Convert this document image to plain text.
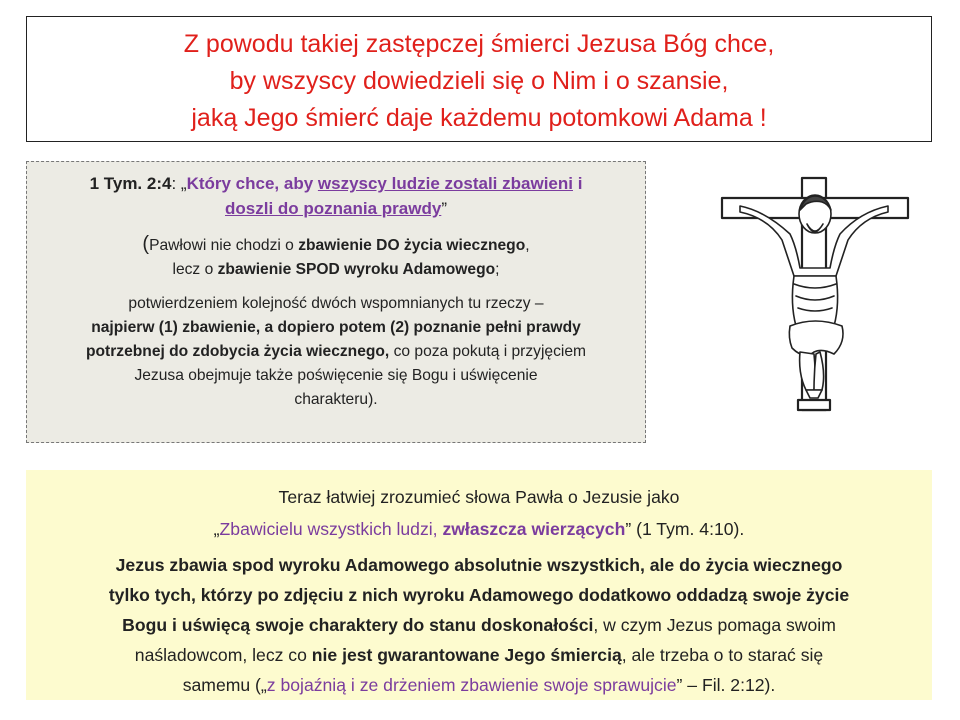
Z powodu takiej zastępczej śmierci Jezusa Bóg chce,
by wszyscy dowiedzieli się o Nim i o szansie,
jaką Jego śmierć daje każdemu potomkowi Adama !
1 Tym. 2:4: „Który chce, aby wszyscy ludzie zostali zbawieni i
doszli do poznania prawdy”
(Pawłowi nie chodzi o zbawienie DO życia wiecznego,
lecz o zbawienie SPOD wyroku Adamowego;
potwierdzeniem kolejność dwóch wspomnianych tu rzeczy –
najpierw (1) zbawienie, a dopiero potem (2) poznanie pełni prawdy
potrzebnej do zdobycia życia wiecznego, co poza pokutą i przyjęciem
Jezusa obejmuje także poświęcenie się Bogu i uświęcenie
charakteru).
Teraz łatwiej zrozumieć słowa Pawła o Jezusie jako
„Zbawicielu wszystkich ludzi, zwłaszcza wierzących” (1 Tym. 4:10).
Jezus zbawia spod wyroku Adamowego absolutnie wszystkich, ale do życia wiecznego
tylko tych, którzy po zdjęciu z nich wyroku Adamowego dodatkowo oddadzą swoje życie
Bogu i uświęcą swoje charaktery do stanu doskonałości, w czym Jezus pomaga swoim
naśladowcom, lecz co nie jest gwarantowane Jego śmiercią, ale trzeba o to starać się
samemu („z bojaźnią i ze drżeniem zbawienie swoje sprawujcie” – Fil. 2:12).
